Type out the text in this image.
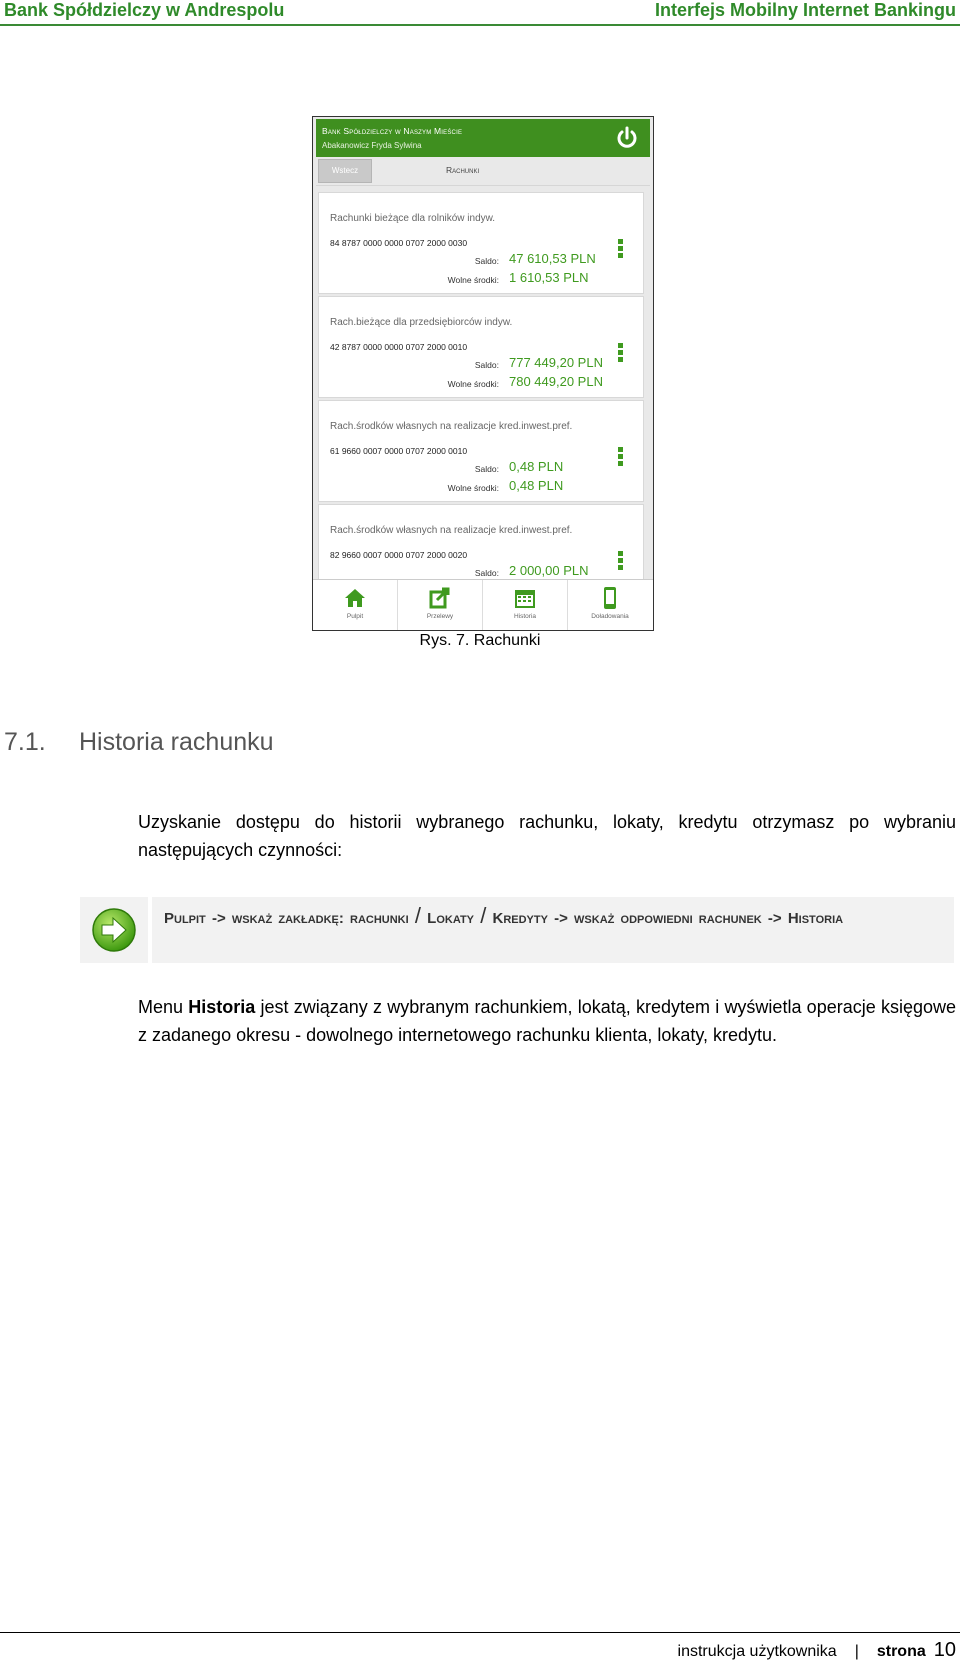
Bank Spółdzielczy w Andrespolu	Interfejs Mobilny Internet Bankingu
Bank Spółdzielczy w Naszym Mieście
Abakanowicz Fryda Sylwina
Wstecz	Rachunki
Rachunki bieżące dla rolników indyw.
84 8787 0000 0000 0707 2000 0030
Saldo: 47 610,53 PLN
Wolne środki: 1 610,53 PLN
Rach.bieżące dla przedsiębiorców indyw.
42 8787 0000 0000 0707 2000 0010
Saldo: 777 449,20 PLN
Wolne środki: 780 449,20 PLN
Rach.środków własnych na realizacje kred.inwest.pref.
61 9660 0007 0000 0707 2000 0010
Saldo: 0,48 PLN
Wolne środki: 0,48 PLN
Rach.środków własnych na realizacje kred.inwest.pref.
82 9660 0007 0000 0707 2000 0020
Saldo: 2 000,00 PLN
Pulpit	Przelewy	Historia	Doładowania
Rys. 7. Rachunki
7.1. Historia rachunku
Uzyskanie dostępu do historii wybranego rachunku, lokaty, kredytu otrzymasz po wybraniu następujących czynności:
Pulpit -> wskaż zakładkę: rachunki / Lokaty / Kredyty -> wskaż odpowiedni rachunek -> Historia
Menu Historia jest związany z wybranym rachunkiem, lokatą, kredytem i wyświetla operacje księgowe z zadanego okresu - dowolnego internetowego rachunku klienta, lokaty, kredytu.
instrukcja użytkownika | strona 10
